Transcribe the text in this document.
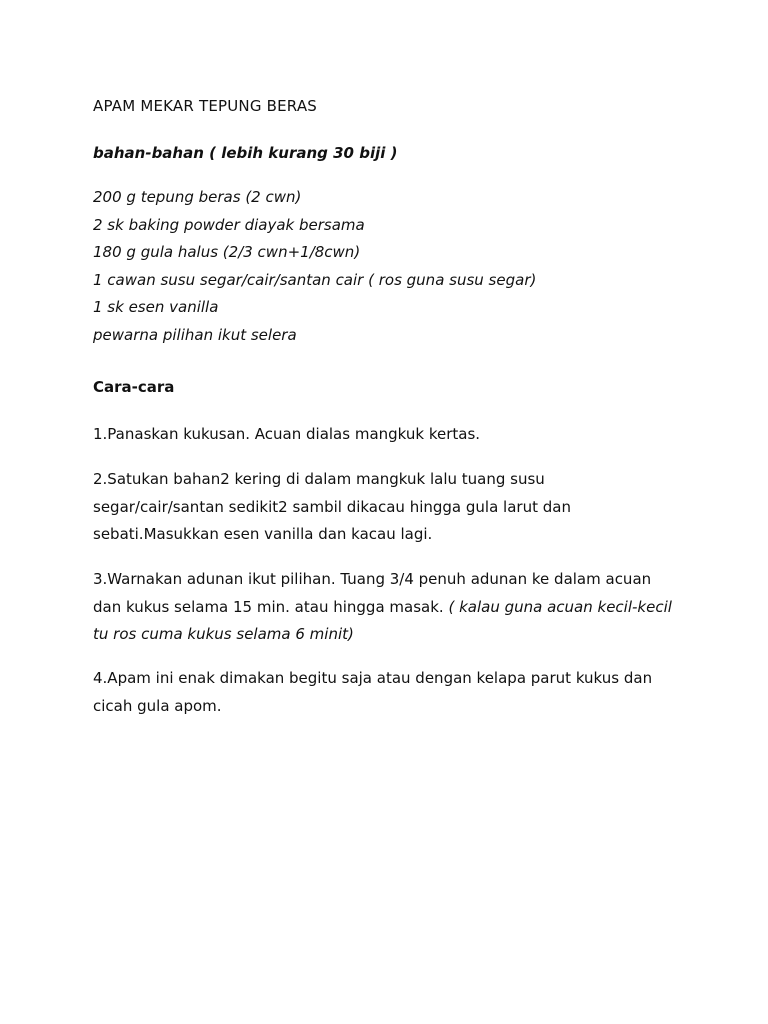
APAM MEKAR TEPUNG BERAS
bahan-bahan ( lebih kurang 30 biji )
200 g tepung beras (2 cwn)
2 sk baking powder diayak bersama
180 g gula halus (2/3 cwn+1/8cwn)
1 cawan susu segar/cair/santan cair ( ros guna susu segar)
1 sk esen vanilla
pewarna pilihan ikut selera
Cara-cara

1.Panaskan kukusan. Acuan dialas mangkuk kertas.

2.Satukan bahan2 kering di dalam mangkuk lalu tuang susu segar/cair/santan sedikit2 sambil dikacau hingga gula larut dan sebati.Masukkan esen vanilla dan kacau lagi.

3.Warnakan adunan ikut pilihan. Tuang 3/4 penuh adunan ke dalam acuan dan kukus selama 15 min. atau hingga masak. ( kalau guna acuan kecil-kecil tu ros cuma kukus selama 6 minit)

4.Apam ini enak dimakan begitu saja atau dengan kelapa parut kukus dan cicah gula apom.
